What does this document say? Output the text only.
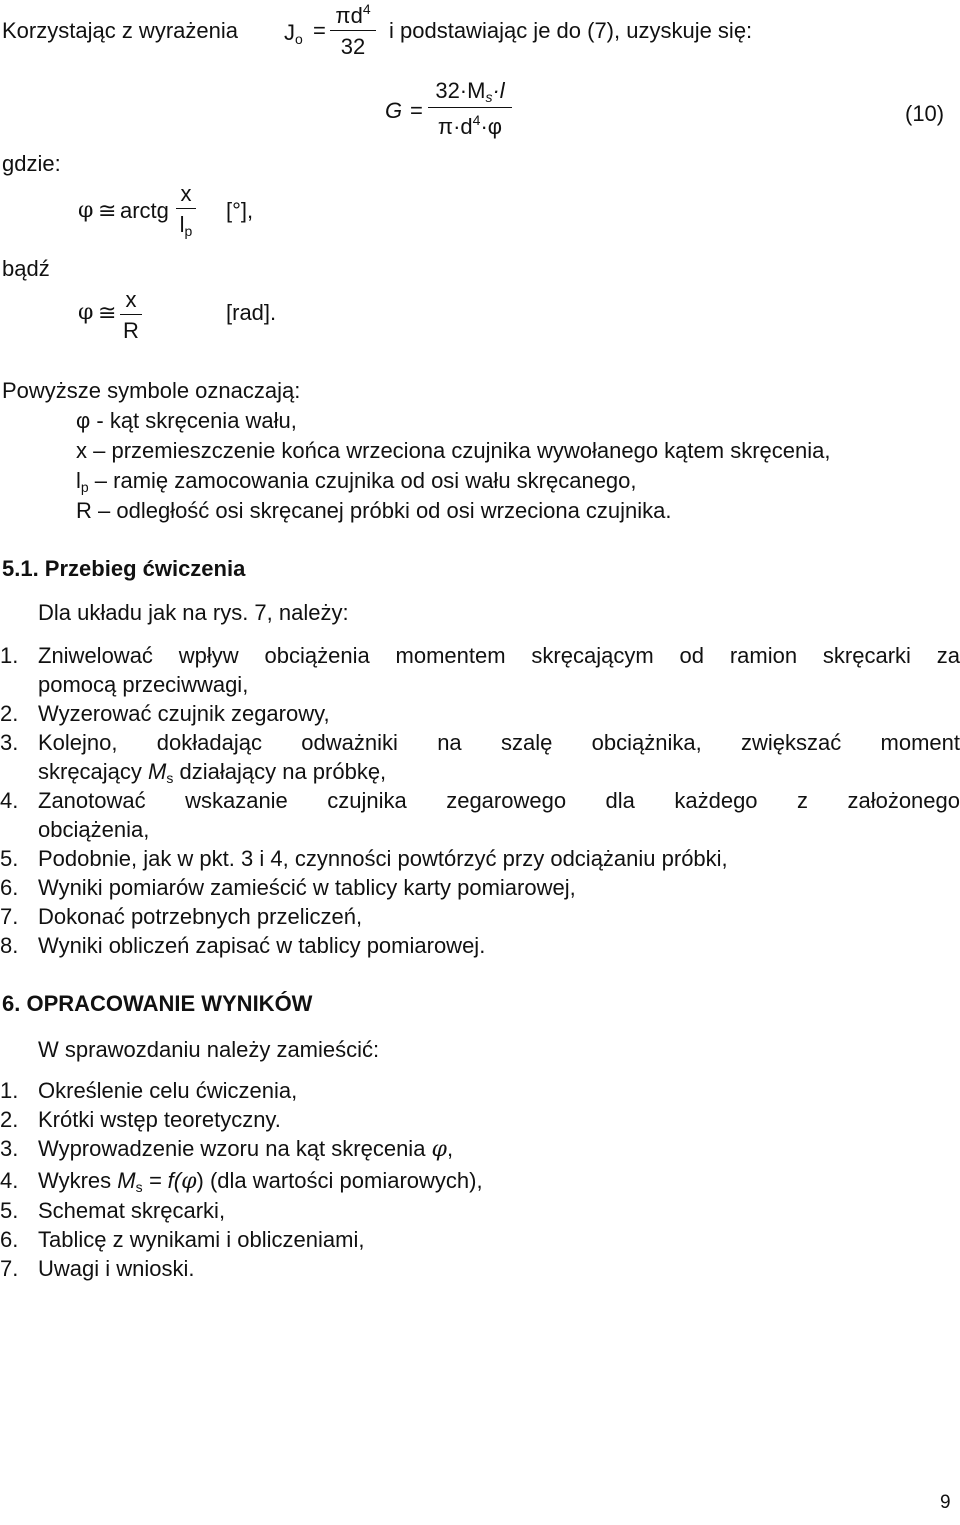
Korzystając z wyrażenia $J_o = \frac{\pi d^4}{32}$ i podstawiając je do (7), uzyskuje się:
$G = \frac{32\cdot M_s\cdot l}{\pi\cdot d^4\cdot\varphi}$	(10)
gdzie:
φ ≅ arctg $\frac{x}{l_p}$ [°],
bądź
φ ≅ $\frac{x}{R}$	[rad].
Powyższe symbole oznaczają:
φ - kąt skręcenia wału,
x – przemieszczenie końca wrzeciona czujnika wywołanego kątem skręcenia,
$l_p$ – ramię zamocowania czujnika od osi wału skręcanego,
R – odległość osi skręcanej próbki od osi wrzeciona czujnika.
5.1. Przebieg ćwiczenia
Dla układu jak na rys. 7, należy:
1. Zniwelować wpływ obciążenia momentem skręcającym od ramion skręcarki za
pomocą przeciwwagi,
2. Wyzerować czujnik zegarowy,
3. Kolejno, dokładając odważniki na szalę obciążnika, zwiększać moment
skręcający $M_s$ działający na próbkę,
4. Zanotować wskazanie czujnika zegarowego dla każdego z założonego
obciążenia,
5. Podobnie, jak w pkt. 3 i 4, czynności powtórzyć przy odciążaniu próbki,
6. Wyniki pomiarów zamieścić w tablicy karty pomiarowej,
7. Dokonać potrzebnych przeliczeń,
8. Wyniki obliczeń zapisać w tablicy pomiarowej.
6. OPRACOWANIE WYNIKÓW
W sprawozdaniu należy zamieścić:
1. Określenie celu ćwiczenia,
2. Krótki wstęp teoretyczny.
3. Wyprowadzenie wzoru na kąt skręcenia φ,
4. Wykres $M_s = f(\varphi)$ (dla wartości pomiarowych),
5. Schemat skręcarki,
6. Tablicę z wynikami i obliczeniami,
7. Uwagi i wnioski.
9
